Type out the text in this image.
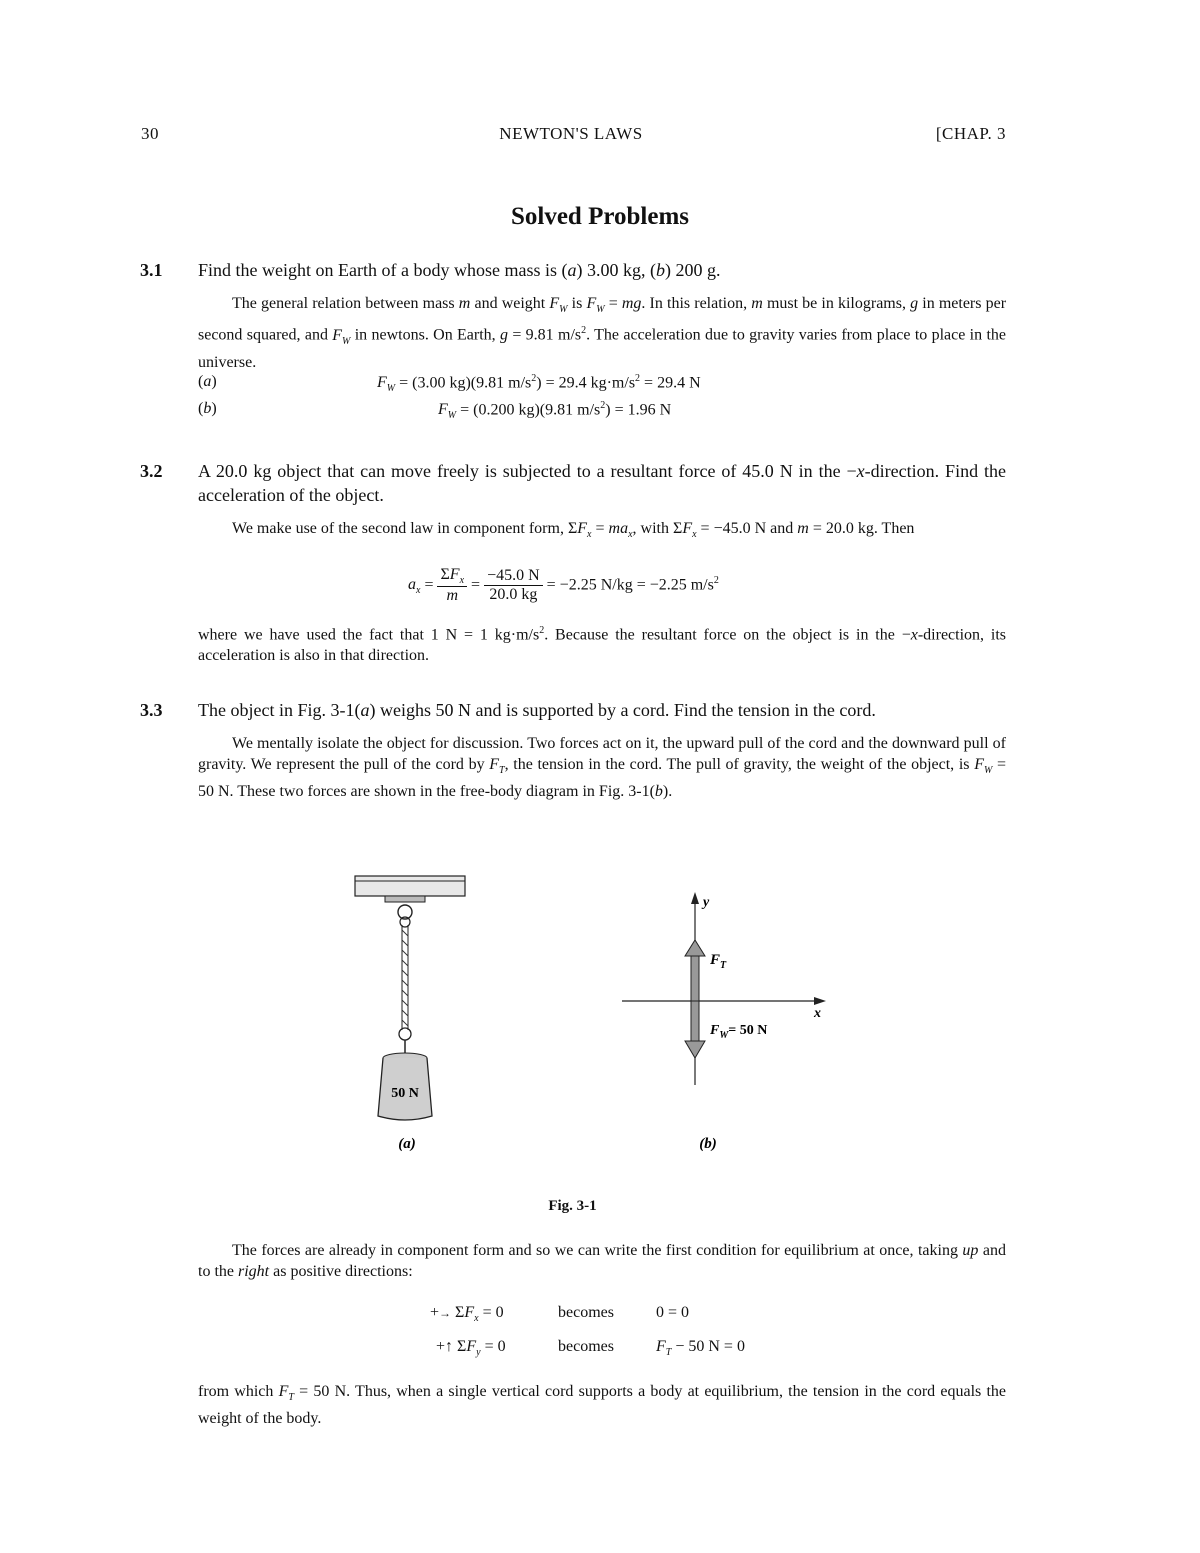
30	NEWTON'S LAWS	[CHAP. 3
Solved Problems
3.1 Find the weight on Earth of a body whose mass is (a) 3.00 kg, (b) 200 g.
The general relation between mass m and weight $F_W$ is $F_W$ = mg. In this relation, m must be in kilograms, g in meters per second squared, and $F_W$ in newtons. On Earth, g = 9.81 $m/s^2$. The acceleration due to gravity varies from place to place in the universe.
(a)	$F_W = (3.00$ kg)(9.81 $m/s^2) = 29.4$ $kg\cdot m/s^2 = 29.4$ N
(b)	$F_W = (0.200$ kg)(9.81 $m/s^2) = 1.96$ N
3.2 A 20.0 kg object that can move freely is subjected to a resultant force of 45.0 N in the −x-direction. Find the acceleration of the object.
We make use of the second law in component form, $\Sigma F_x = ma_x$, with $\Sigma F_x = -45.0$ N and m = 20.0 kg. Then
$a_x = \frac{\Sigma F_x}{m} = \frac{-45.0 N}{20.0 kg} = -2.25$ N/kg = −2.25 $m/s^2$
where we have used the fact that 1 N = 1 $kg\cdot m/s^2$. Because the resultant force on the object is in the −x-direction, its acceleration is also in that direction.
3.3 The object in Fig. 3-1(a) weighs 50 N and is supported by a cord. Find the tension in the cord.
We mentally isolate the object for discussion. Two forces act on it, the upward pull of the cord and the downward pull of gravity. We represent the pull of the cord by $F_T$, the tension in the cord. The pull of gravity, the weight of the object, is $F_W = 50$ N. These two forces are shown in the free-body diagram in Fig. 3-1(b).
50 N
(a)
y
x
$F_T$
$F_W= 50$ N
(b)
Fig. 3-1
The forces are already in component form and so we can write the first condition for equilibrium at once, taking up and to the right as positive directions:
+→ $\Sigma F_x = 0$	becomes	0 = 0
+↑ $\Sigma F_y = 0$	becomes	$F_T - 50$ N = 0
from which $F_T = 50$ N. Thus, when a single vertical cord supports a body at equilibrium, the tension in the cord equals the weight of the body.
